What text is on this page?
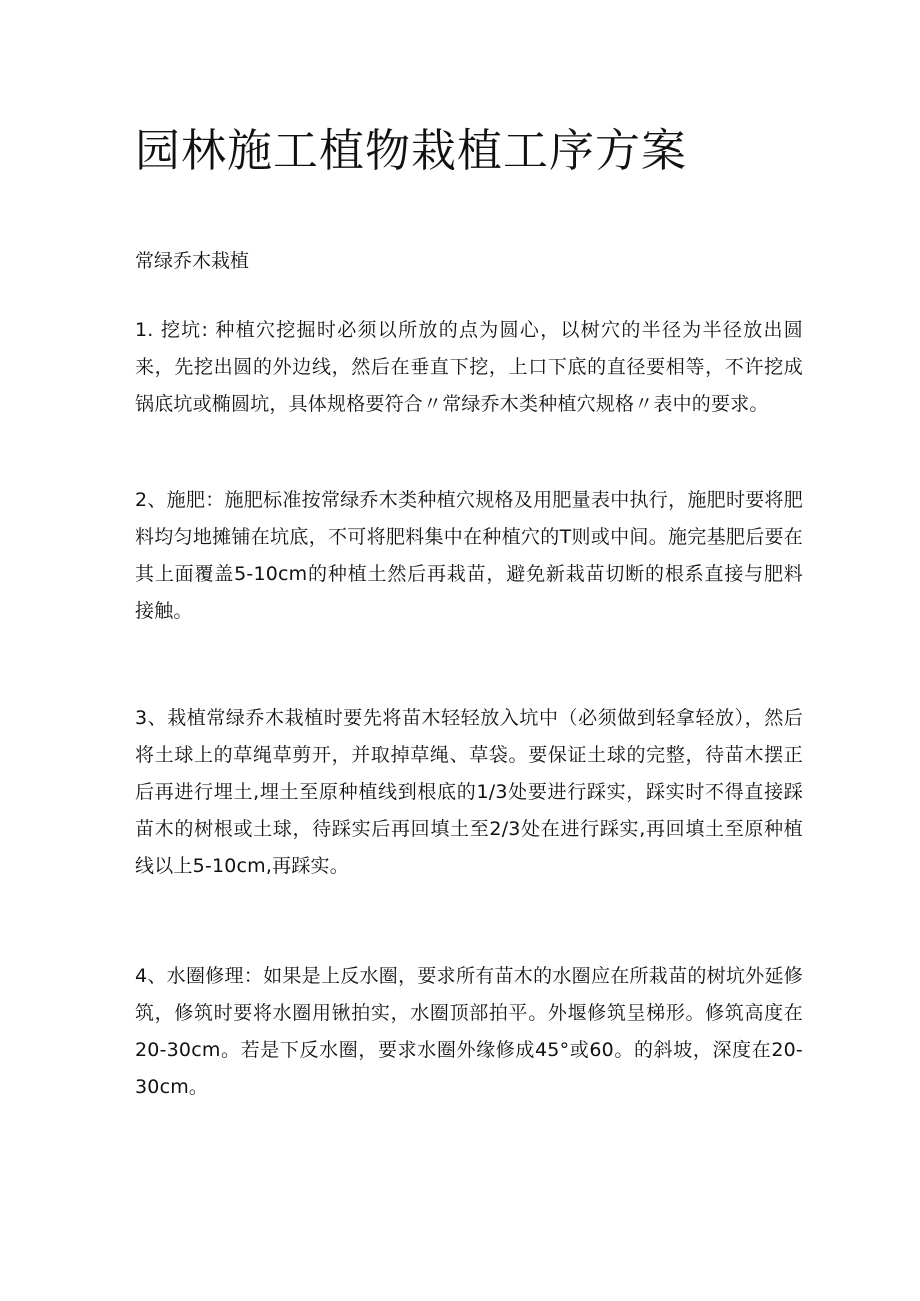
园林施工植物栽植工序方案
常绿乔木栽植

1. 挖坑: 种植穴挖掘时必须以所放的点为圆心，以树穴的半径为半径放出圆来，先挖出圆的外边线，然后在垂直下挖，上口下底的直径要相等，不许挖成锅底坑或椭圆坑，具体规格要符合〃常绿乔木类种植穴规格〃表中的要求。

2、施肥：施肥标准按常绿乔木类种植穴规格及用肥量表中执行，施肥时要将肥料均匀地摊铺在坑底，不可将肥料集中在种植穴的T则或中间。施完基肥后要在其上面覆盖5-10cm的种植土然后再栽苗，避免新栽苗切断的根系直接与肥料接触。

3、栽植常绿乔木栽植时要先将苗木轻轻放入坑中（必须做到轻拿轻放），然后将土球上的草绳草剪开，并取掉草绳、草袋。要保证土球的完整，待苗木摆正后再进行埋土,埋土至原种植线到根底的1/3处要进行踩实，踩实时不得直接踩苗木的树根或土球，待踩实后再回填土至2/3处在进行踩实,再回填土至原种植线以上5-10cm,再踩实。

4、水圈修理：如果是上反水圈，要求所有苗木的水圈应在所栽苗的树坑外延修筑，修筑时要将水圈用锹拍实，水圈顶部拍平。外堰修筑呈梯形。修筑高度在20-30cm。若是下反水圈，要求水圈外缘修成45°或60。的斜坡，深度在20-30cm。
